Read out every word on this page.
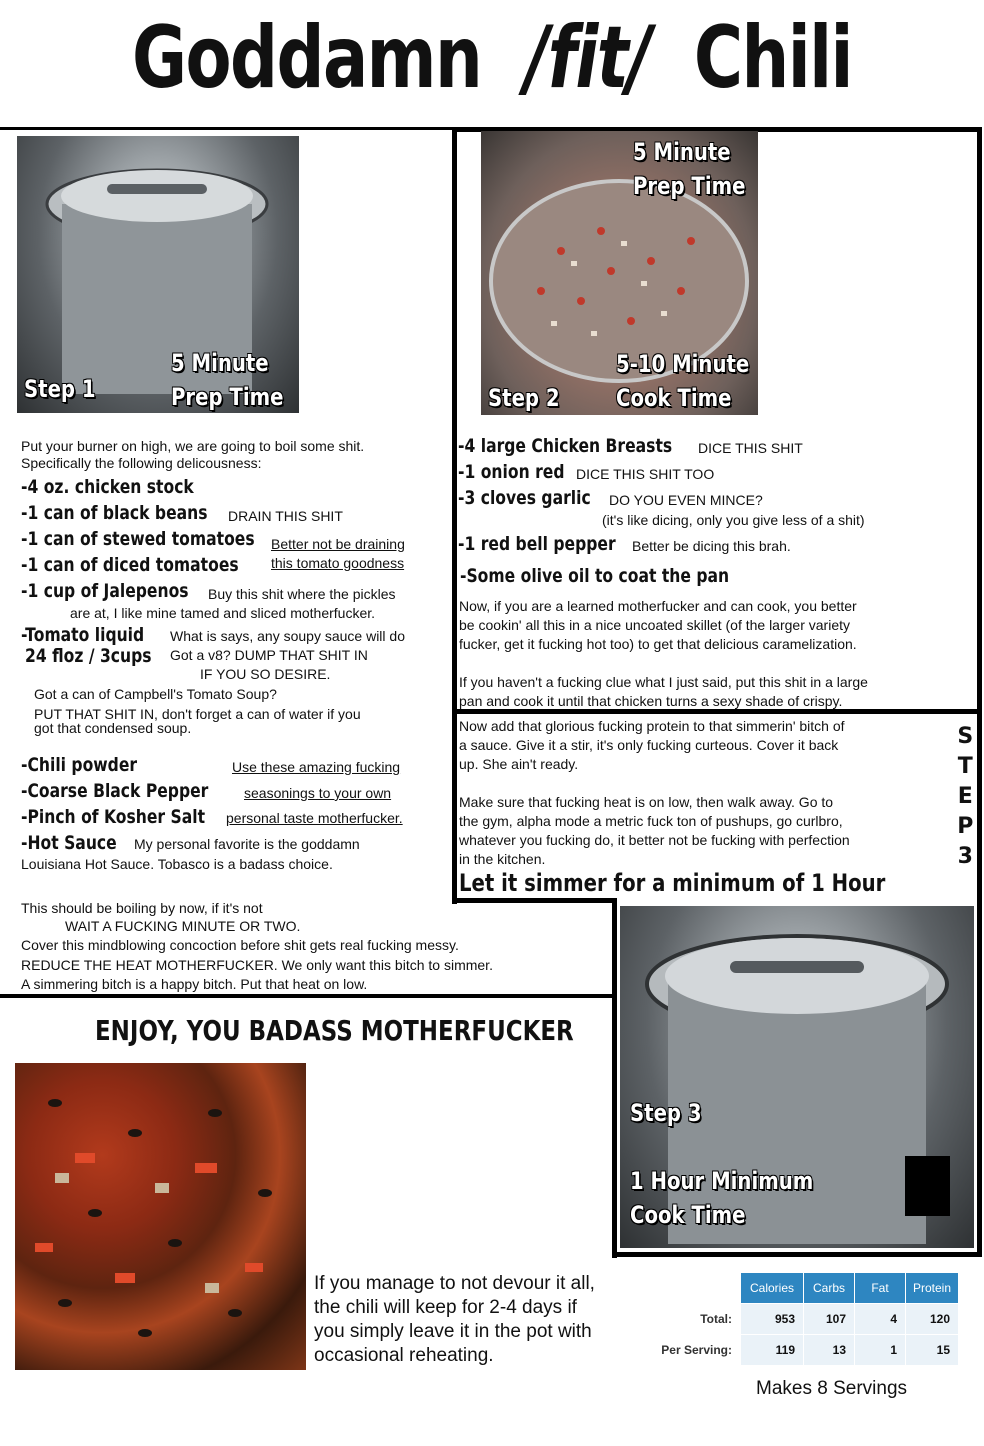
Goddamn /fit/ Chili
Step 1
5 Minute
Prep Time
5 Minute
Prep Time
5-10 Minute
Step 2 Cook Time
Put your burner on high, we are going to boil some shit.
Specifically the following delicousness:
-4 oz. chicken stock
-1 can of black beans DRAIN THIS SHIT
-1 can of stewed tomatoes Better not be draining
-1 can of diced tomatoes this tomato goodness
-1 cup of Jalepenos Buy this shit where the pickles
are at, I like mine tamed and sliced motherfucker.
-Tomato liquid
24 floz / 3cups
What is says, any soupy sauce will do
Got a v8? DUMP THAT SHIT IN
IF YOU SO DESIRE.
Got a can of Campbell's Tomato Soup?
PUT THAT SHIT IN, don't forget a can of water if you
got that condensed soup.
-Chili powder	Use these amazing fucking
-Coarse Black Pepper	seasonings to your own
-Pinch of Kosher Salt	personal taste motherfucker.
-Hot Sauce	My personal favorite is the goddamn
Louisiana Hot Sauce. Tobasco is a badass choice.
This should be boiling by now, if it's not
WAIT A FUCKING MINUTE OR TWO.
Cover this mindblowing concoction before shit gets real fucking messy.
REDUCE THE HEAT MOTHERFUCKER. We only want this bitch to simmer.
A simmering bitch is a happy bitch. Put that heat on low.
-4 large Chicken Breasts	DICE THIS SHIT
-1 onion red DICE THIS SHIT TOO
-3 cloves garlic	DO YOU EVEN MINCE?
(it's like dicing, only you give less of a shit)
-1 red bell pepper	Better be dicing this brah.
-Some olive oil to coat the pan
Now, if you are a learned motherfucker and can cook, you better
be cookin' all this in a nice uncoated skillet (of the larger variety
fucker, get it fucking hot too) to get that delicious caramelization.
If you haven't a fucking clue what I just said, put this shit in a large
pan and cook it until that chicken turns a sexy shade of crispy.
Now add that glorious fucking protein to that simmerin' bitch of
a sauce. Give it a stir, it's only fucking curteous. Cover it back
up. She ain't ready.
Make sure that fucking heat is on low, then walk away. Go to
the gym, alpha mode a metric fuck ton of pushups, go curlbro,
whatever you fucking do, it better not be fucking with perfection
in the kitchen.
Let it simmer for a minimum of 1 Hour
S
T
E
P
3
Step 3
1 Hour Minimum
Cook Time
ENJOY, YOU BADASS MOTHERFUCKER
If you manage to not devour it all,
the chili will keep for 2-4 days if
you simply leave it in the pot with
occasional reheating.
	Calories	Carbs	Fat	Protein
Total:	953	107	4	120
Per Serving:	119	13	1	15
Makes 8 Servings
